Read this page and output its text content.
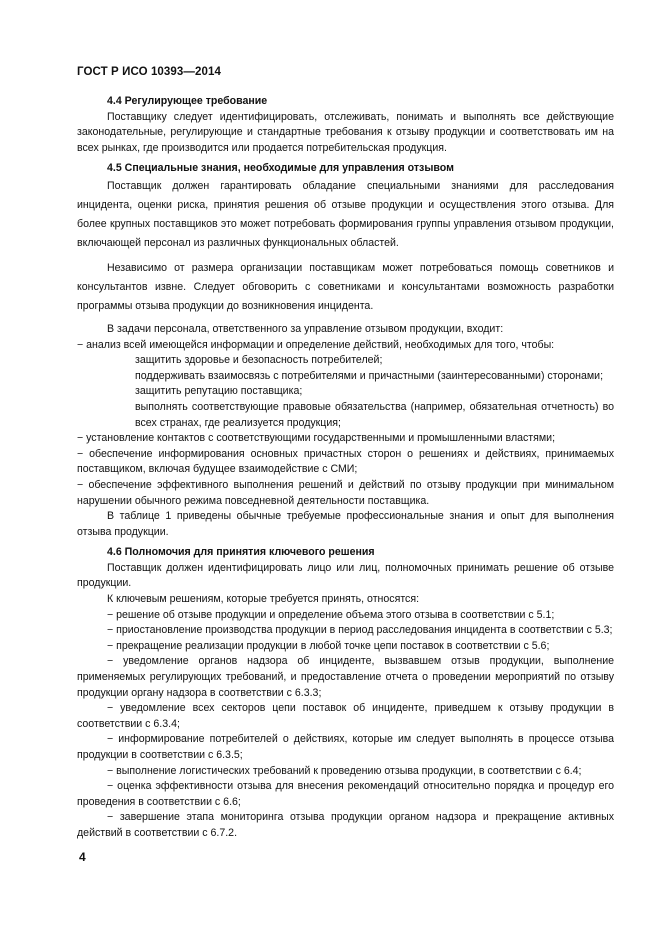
ГОСТ Р ИСО 10393—2014

4.4 Регулирующее требование

Поставщику следует идентифицировать, отслеживать, понимать и выполнять все действующие законодательные, регулирующие и стандартные требования к отзыву продукции и соответствовать им на всех рынках, где производится или продается потребительская продукция.

4.5 Специальные знания, необходимые для управления отзывом

Поставщик должен гарантировать обладание специальными знаниями для расследования инцидента, оценки риска, принятия решения об отзыве продукции и осуществления этого отзыва. Для более крупных поставщиков это может потребовать формирования группы управления отзывом продукции, включающей персонал из различных функциональных областей.

Независимо от размера организации поставщикам может потребоваться помощь советников и консультантов извне. Следует обговорить с советниками и консультантами возможность разработки программы отзыва продукции до возникновения инцидента.

В задачи персонала, ответственного за управление отзывом продукции, входит:

− анализ всей имеющейся информации и определение действий, необходимых для того, чтобы:

защитить здоровье и безопасность потребителей;

поддерживать взаимосвязь с потребителями и причастными (заинтересованными) сторонами;

защитить репутацию поставщика;

выполнять соответствующие правовые обязательства (например, обязательная отчетность) во всех странах, где реализуется продукция;

− установление контактов с соответствующими государственными и промышленными властями;

− обеспечение информирования основных причастных сторон о решениях и действиях, принимаемых поставщиком, включая будущее взаимодействие с СМИ;

− обеспечение эффективного выполнения решений и действий по отзыву продукции при минимальном нарушении обычного режима повседневной деятельности поставщика.

В таблице 1 приведены обычные требуемые профессиональные знания и опыт для выполнения отзыва продукции.

4.6 Полномочия для принятия ключевого решения

Поставщик должен идентифицировать лицо или лиц, полномочных принимать решение об отзыве продукции.

К ключевым решениям, которые требуется принять, относятся:

− решение об отзыве продукции и определение объема этого отзыва в соответствии с 5.1;

− приостановление производства продукции в период расследования инцидента в соответствии с 5.3;

− прекращение реализации продукции в любой точке цепи поставок в соответствии с 5.6;

− уведомление органов надзора об инциденте, вызвавшем отзыв продукции, выполнение применяемых регулирующих требований, и предоставление отчета о проведении мероприятий по отзыву продукции органу надзора в соответствии с 6.3.3;

− уведомление всех секторов цепи поставок об инциденте, приведшем к отзыву продукции в соответствии с 6.3.4;

− информирование потребителей о действиях, которые им следует выполнять в процессе отзыва продукции в соответствии с 6.3.5;

− выполнение логистических требований к проведению отзыва продукции, в соответствии с 6.4;

− оценка эффективности отзыва для внесения рекомендаций относительно порядка и процедур его проведения в соответствии с 6.6;

− завершение этапа мониторинга отзыва продукции органом надзора и прекращение активных действий в соответствии с 6.7.2.

4
